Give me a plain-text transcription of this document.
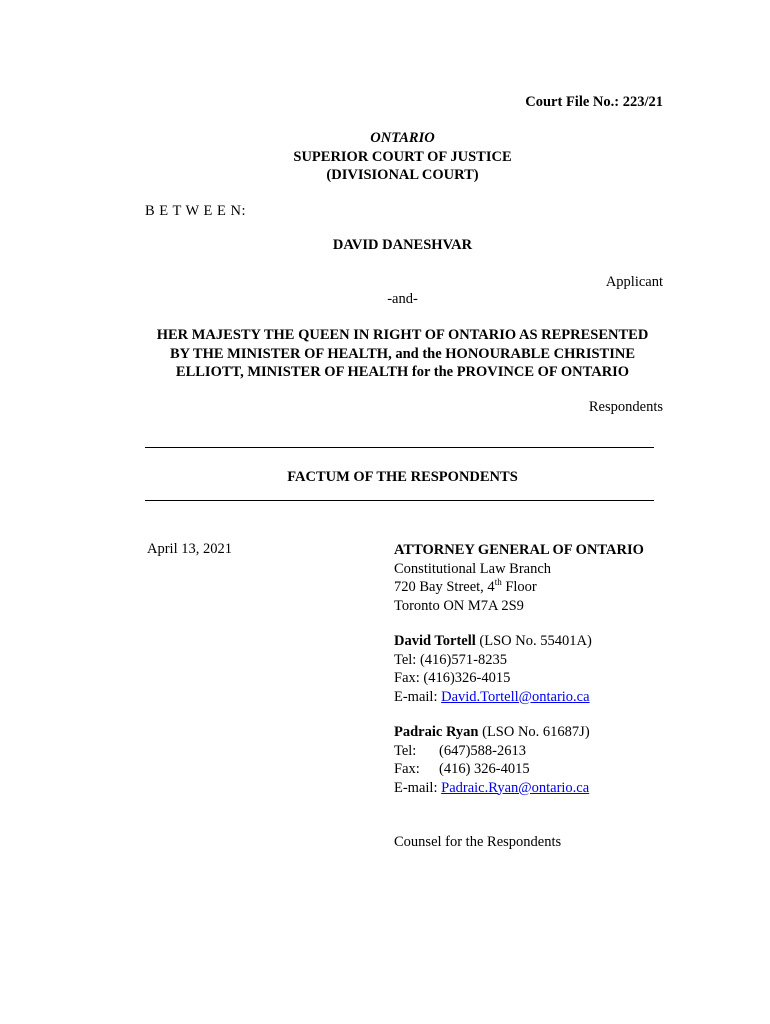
Court File No.: 223/21
ONTARIO
SUPERIOR COURT OF JUSTICE
(DIVISIONAL COURT)
B E T W E E N:
DAVID DANESHVAR
Applicant
-and-
HER MAJESTY THE QUEEN IN RIGHT OF ONTARIO AS REPRESENTED
BY THE MINISTER OF HEALTH, and the HONOURABLE CHRISTINE
ELLIOTT, MINISTER OF HEALTH for the PROVINCE OF ONTARIO
Respondents
FACTUM OF THE RESPONDENTS
April 13, 2021	ATTORNEY GENERAL OF ONTARIO
Constitutional Law Branch
720 Bay Street, 4th Floor
Toronto ON M7A 2S9
David Tortell (LSO No. 55401A)
Tel: (416)571-8235
Fax: (416)326-4015
E-mail: David.Tortell@ontario.ca
Padraic Ryan (LSO No. 61687J)
Tel: (647)588-2613
Fax: (416) 326-4015
E-mail: Padraic.Ryan@ontario.ca
Counsel for the Respondents
